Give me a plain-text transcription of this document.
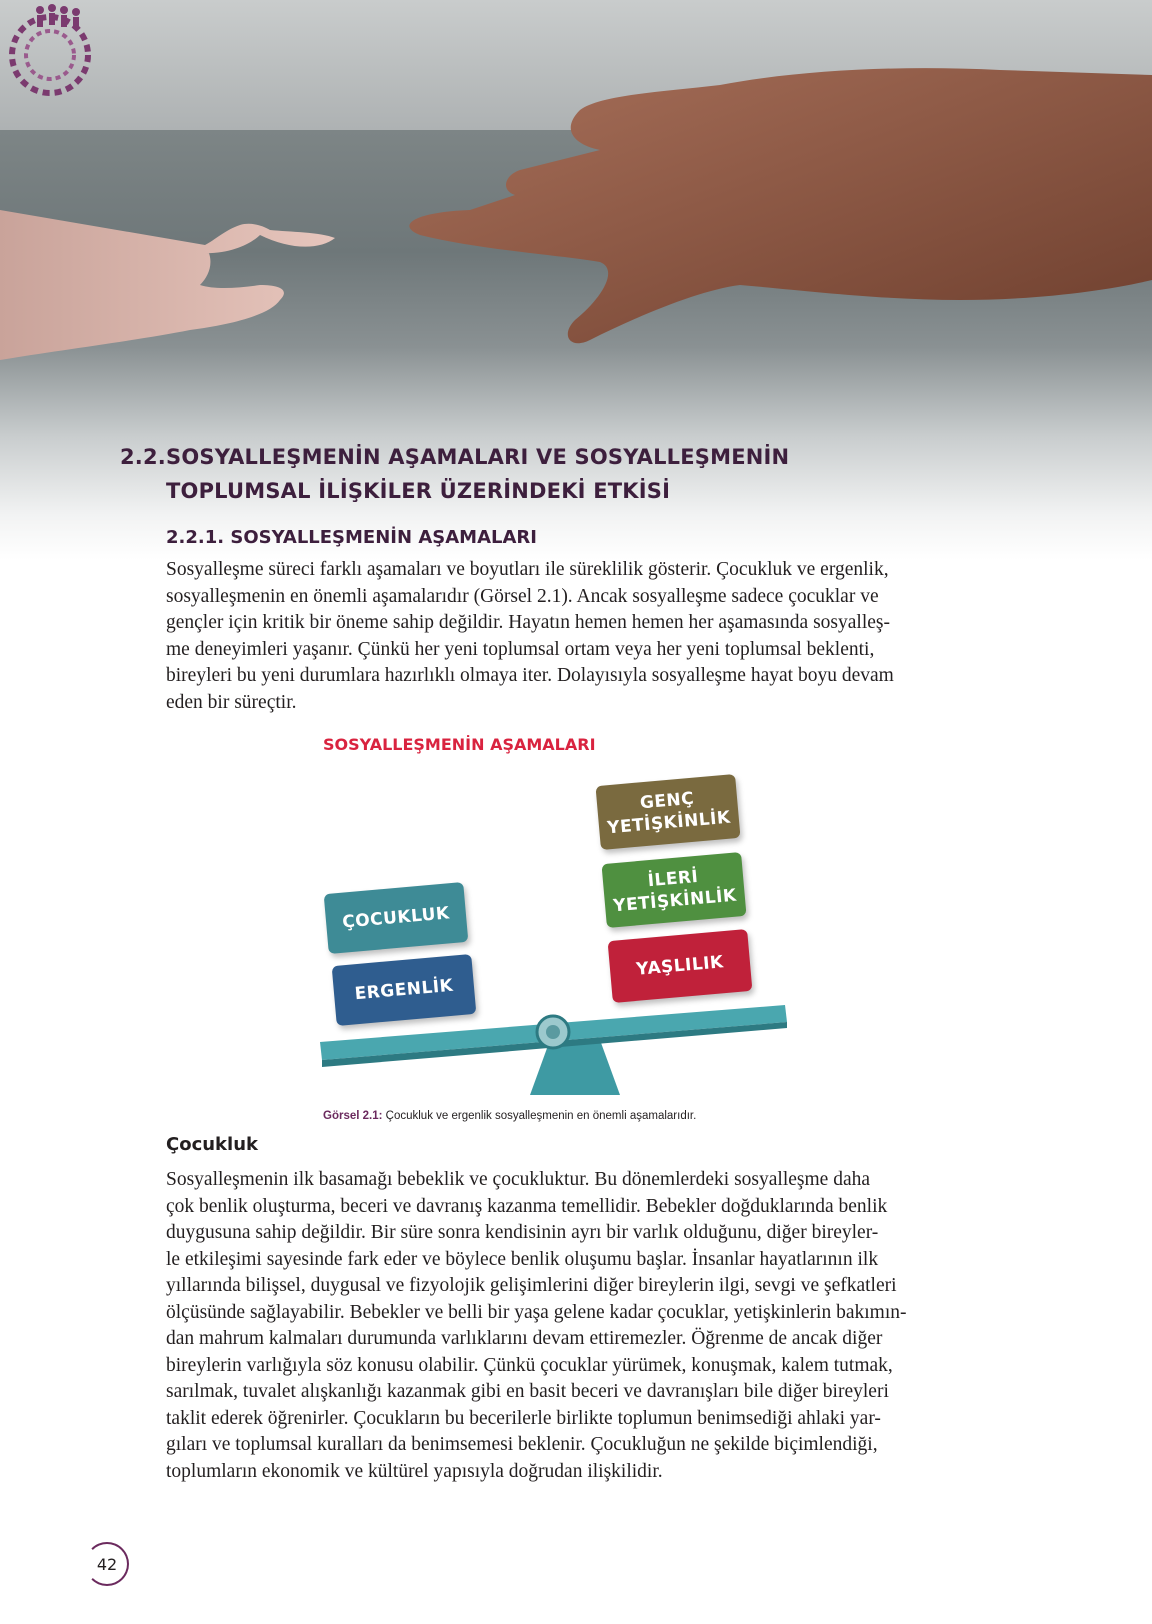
2.2.SOSYALLEŞMENİN AŞAMALARI VE SOSYALLEŞMENİN
TOPLUMSAL İLİŞKİLER ÜZERİNDEKİ ETKİSİ
2.2.1. SOSYALLEŞMENİN AŞAMALARI
Sosyalleşme süreci farklı aşamaları ve boyutları ile süreklilik gösterir. Çocukluk ve ergenlik,
sosyalleşmenin en önemli aşamalarıdır (Görsel 2.1). Ancak sosyalleşme sadece çocuklar ve
gençler için kritik bir öneme sahip değildir. Hayatın hemen hemen her aşamasında sosyalleş-
me deneyimleri yaşanır. Çünkü her yeni toplumsal ortam veya her yeni toplumsal beklenti,
bireyleri bu yeni durumlara hazırlıklı olmaya iter. Dolayısıyla sosyalleşme hayat boyu devam
eden bir süreçtir.
SOSYALLEŞMENİN AŞAMALARI
ÇOCUKLUK
ERGENLİK
GENÇ
YETİŞKİNLİK
İLERİ
YETİŞKİNLİK
YAŞLILIK
Görsel 2.1: Çocukluk ve ergenlik sosyalleşmenin en önemli aşamalarıdır.
Çocukluk
Sosyalleşmenin ilk basamağı bebeklik ve çocukluktur. Bu dönemlerdeki sosyalleşme daha
çok benlik oluşturma, beceri ve davranış kazanma temellidir. Bebekler doğduklarında benlik
duygusuna sahip değildir. Bir süre sonra kendisinin ayrı bir varlık olduğunu, diğer bireyler-
le etkileşimi sayesinde fark eder ve böylece benlik oluşumu başlar. İnsanlar hayatlarının ilk
yıllarında bilişsel, duygusal ve fizyolojik gelişimlerini diğer bireylerin ilgi, sevgi ve şefkatleri
ölçüsünde sağlayabilir. Bebekler ve belli bir yaşa gelene kadar çocuklar, yetişkinlerin bakımın-
dan mahrum kalmaları durumunda varlıklarını devam ettiremezler. Öğrenme de ancak diğer
bireylerin varlığıyla söz konusu olabilir. Çünkü çocuklar yürümek, konuşmak, kalem tutmak,
sarılmak, tuvalet alışkanlığı kazanmak gibi en basit beceri ve davranışları bile diğer bireyleri
taklit ederek öğrenirler. Çocukların bu becerilerle birlikte toplumun benimsediği ahlaki yar-
gıları ve toplumsal kuralları da benimsemesi beklenir. Çocukluğun ne şekilde biçimlendiği,
toplumların ekonomik ve kültürel yapısıyla doğrudan ilişkilidir.
42
